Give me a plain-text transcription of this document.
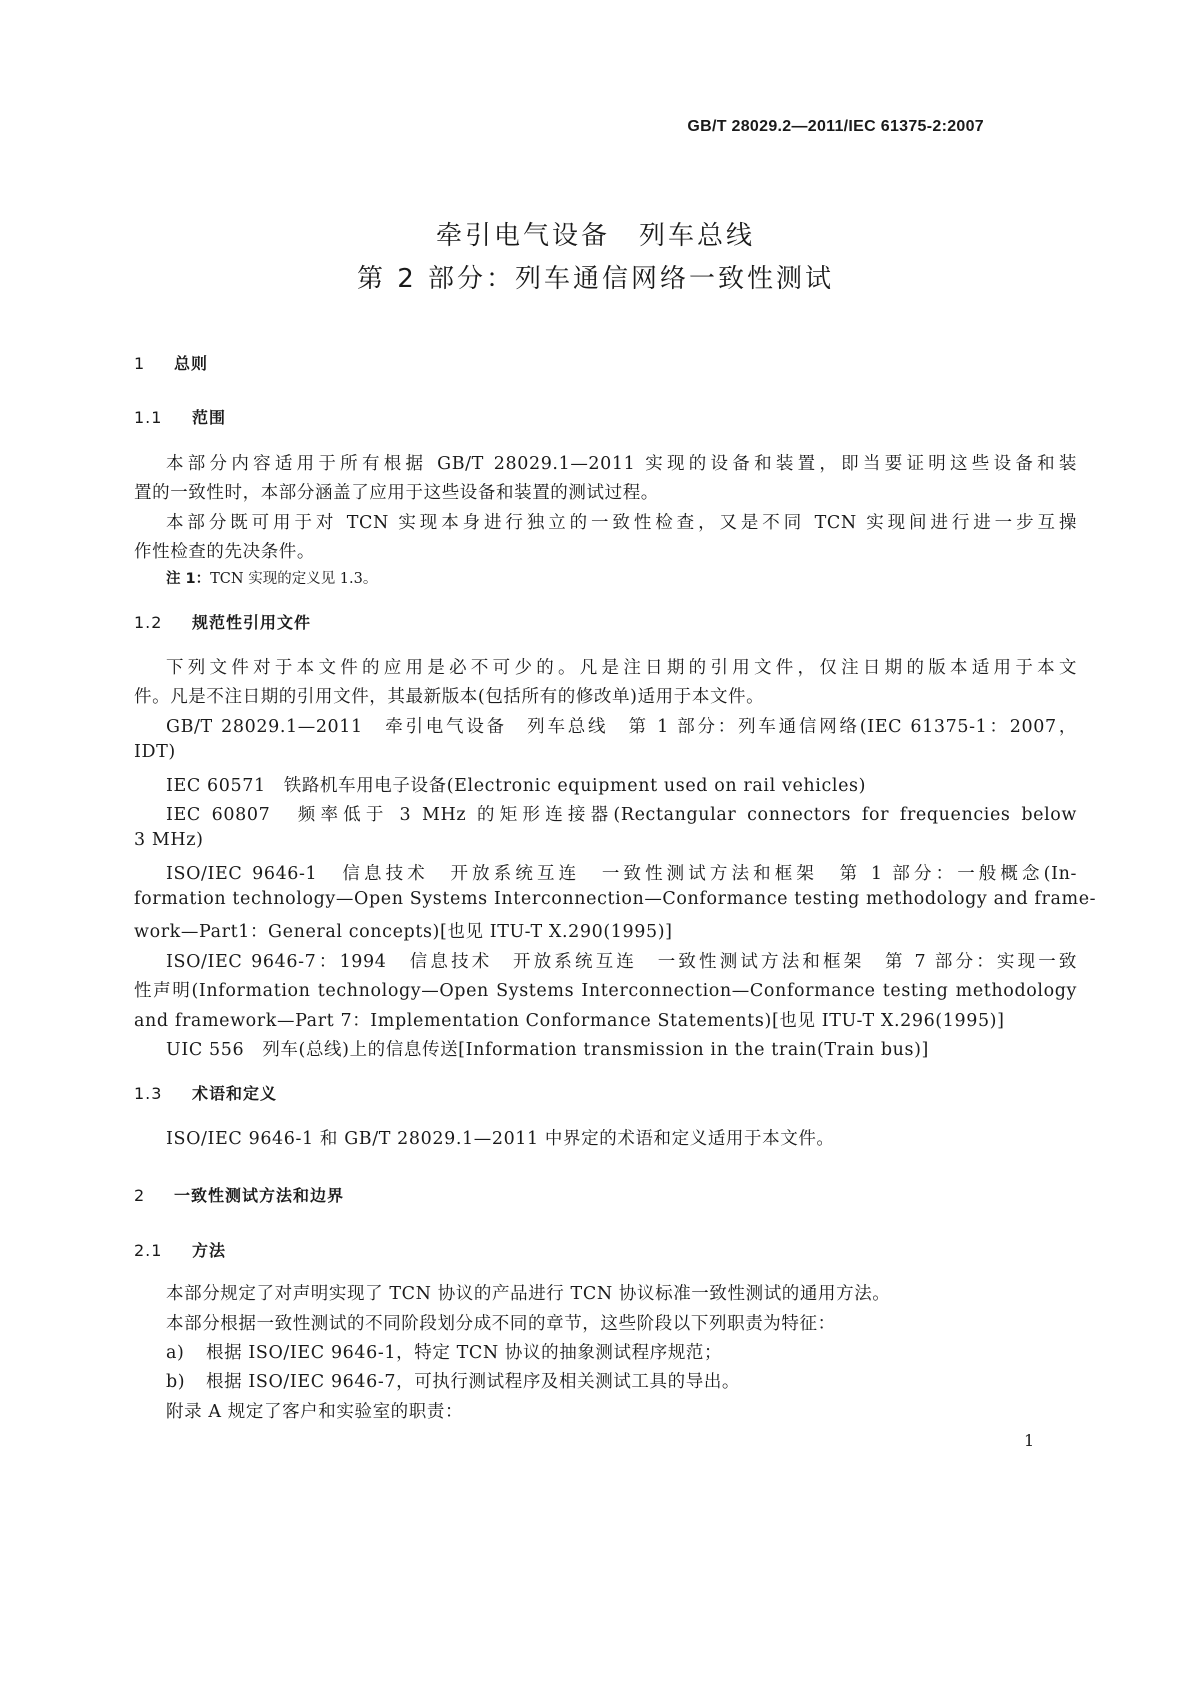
GB/T 28029.2—2011/IEC 61375-2:2007
牵引电气设备　列车总线
第 2 部分：列车通信网络一致性测试
1 总则
1.1 范围
本部分内容适用于所有根据 GB/T 28029.1—2011 实现的设备和装置，即当要证明这些设备和装
置的一致性时，本部分涵盖了应用于这些设备和装置的测试过程。
本部分既可用于对 TCN 实现本身进行独立的一致性检查，又是不同 TCN 实现间进行进一步互操
作性检查的先决条件。
注 1：TCN 实现的定义见 1.3。
1.2 规范性引用文件
下列文件对于本文件的应用是必不可少的。凡是注日期的引用文件，仅注日期的版本适用于本文
件。凡是不注日期的引用文件，其最新版本(包括所有的修改单)适用于本文件。
GB/T 28029.1—2011　牵引电气设备　列车总线　第 1 部分：列车通信网络(IEC 61375-1：2007，
IDT)
IEC 60571　铁路机车用电子设备(Electronic equipment used on rail vehicles)
IEC 60807　频率低于 3 MHz 的矩形连接器(Rectangular connectors for frequencies below
3 MHz)
ISO/IEC 9646-1　信息技术　开放系统互连　一致性测试方法和框架　第 1 部分：一般概念(In-
formation technology—Open Systems Interconnection—Conformance testing methodology and frame-
work—Part1：General concepts)[也见 ITU-T X.290(1995)]
ISO/IEC 9646-7：1994　信息技术　开放系统互连　一致性测试方法和框架　第 7 部分：实现一致
性声明(Information technology—Open Systems Interconnection—Conformance testing methodology
and framework—Part 7：Implementation Conformance Statements)[也见 ITU-T X.296(1995)]
UIC 556　列车(总线)上的信息传送[Information transmission in the train(Train bus)]
1.3 术语和定义
ISO/IEC 9646-1 和 GB/T 28029.1—2011 中界定的术语和定义适用于本文件。
2 一致性测试方法和边界
2.1 方法
本部分规定了对声明实现了 TCN 协议的产品进行 TCN 协议标准一致性测试的通用方法。
本部分根据一致性测试的不同阶段划分成不同的章节，这些阶段以下列职责为特征：
a) 根据 ISO/IEC 9646-1，特定 TCN 协议的抽象测试程序规范；
b) 根据 ISO/IEC 9646-7，可执行测试程序及相关测试工具的导出。
附录 A 规定了客户和实验室的职责：
1
